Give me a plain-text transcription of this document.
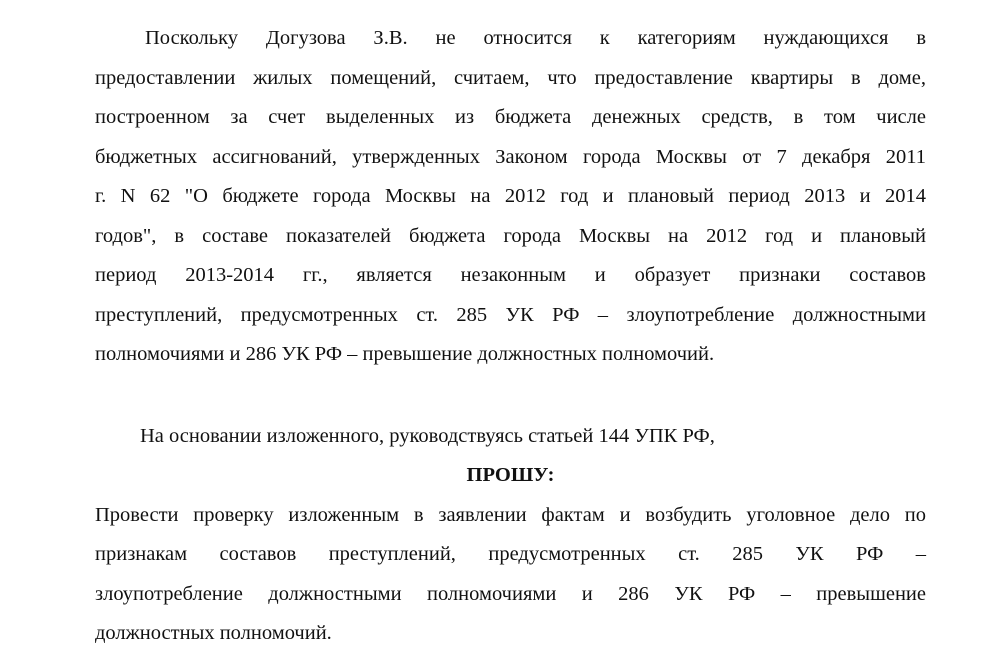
Поскольку Догузова З.В. не относится к категориям нуждающихся в
предоставлении жилых помещений, считаем, что предоставление квартиры в доме,
построенном за счет выделенных из бюджета денежных средств, в том числе
бюджетных ассигнований, утвержденных Законом города Москвы от 7 декабря 2011
г. N 62 "О бюджете города Москвы на 2012 год и плановый период 2013 и 2014
годов", в составе показателей бюджета города Москвы на 2012 год и плановый
период 2013-2014 гг., является незаконным и образует признаки составов
преступлений, предусмотренных ст. 285 УК РФ – злоупотребление должностными
полномочиями и 286 УК РФ – превышение должностных полномочий.
На основании изложенного, руководствуясь статьей 144 УПК РФ,
ПРОШУ:
Провести проверку изложенным в заявлении фактам и возбудить уголовное дело по
признакам составов преступлений, предусмотренных ст. 285 УК РФ –
злоупотребление должностными полномочиями и 286 УК РФ – превышение
должностных полномочий.
